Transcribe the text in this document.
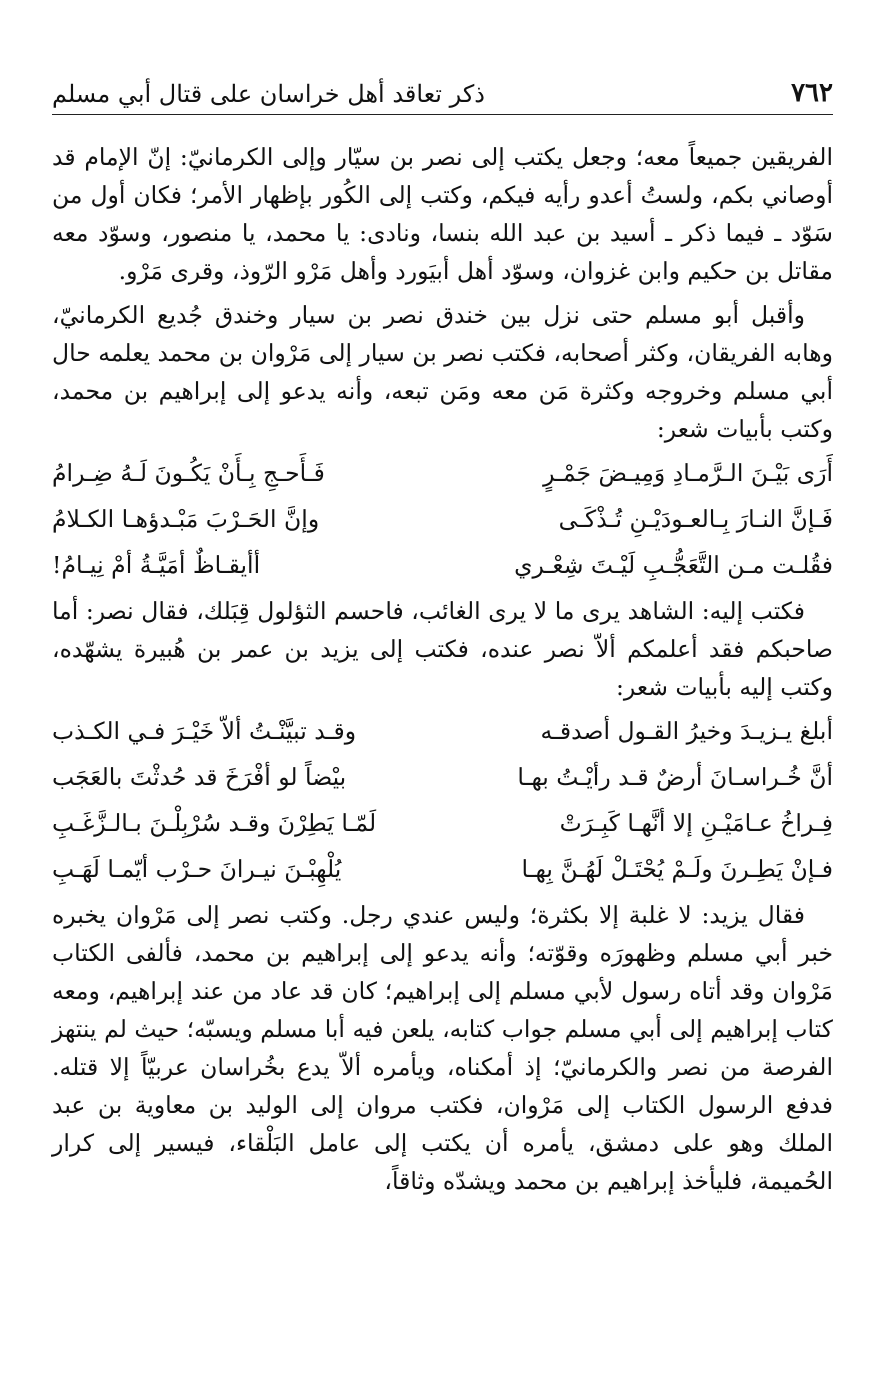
٧٦٢
ذكر تعاقد أهل خراسان على قتال أبي مسلم

الفريقين جميعاً معه؛ وجعل يكتب إلى نصر بن سيّار وإلى الكرمانيّ: إنّ الإمام قد أوصاني بكم، ولستُ أعدو رأيه فيكم، وكتب إلى الكُور بإظهار الأمر؛ فكان أول من سَوّد ـ فيما ذكر ـ أسيد بن عبد الله بنسا، ونادى: يا محمد، يا منصور، وسوّد معه مقاتل بن حكيم وابن غزوان، وسوّد أهل أبيَورد وأهل مَرْو الرّوذ، وقرى مَرْو.

وأقبل أبو مسلم حتى نزل بين خندق نصر بن سيار وخندق جُديع الكرمانيّ، وهابه الفريقان، وكثر أصحابه، فكتب نصر بن سيار إلى مَرْوان بن محمد يعلمه حال أبي مسلم وخروجه وكثرة مَن معه ومَن تبعه، وأنه يدعو إلى إبراهيم بن محمد، وكتب بأبيات شعر:

أَرَى بَيْـنَ الـرَّمـادِ وَمِيـضَ جَمْـرٍ
فَـأَحـجِ بِـأَنْ يَكُـونَ لَـهُ ضِـرامُ
فَـإنَّ النـارَ بِـالعـودَيْـنِ تُـذْكَـى
وإنَّ الحَـرْبَ مَبْـدؤهـا الكـلامُ
فقُلـت مـن التَّعَجُّـبِ لَيْـتَ شِعْـري
أأيقـاظٌ أمَيَّـةُ أمْ نِيـامُ!

فكتب إليه: الشاهد يرى ما لا يرى الغائب، فاحسم الثؤلول قِبَلك، فقال نصر: أما صاحبكم فقد أعلمكم ألاّ نصر عنده، فكتب إلى يزيد بن عمر بن هُبيرة يشهّده، وكتب إليه بأبيات شعر:

أبلغ يـزيـدَ وخيرُ القـول أصدقـه
وقـد تبيَّنْـتُ ألاّ خَيْـرَ فـي الكـذب
أنَّ خُـراسـانَ أرضٌ قـد رأيْـتُ بهـا
بيْضاً لو أفْرَخَ قد حُدثْتَ بالعَجَب
فِـراخُ عـامَيْـنِ إلا أنَّهـا كَبِـرَتْ
لَمّـا يَطِرْنَ وقـد سُرْبِلْـنَ بـالـزَّغَـبِ
فـإنْ يَطِـرنَ ولَـمْ يُحْتَـلْ لَهُـنَّ بِهـا
يُلْهِبْـنَ نيـرانَ حـرْب أيّمـا لَهَـبِ

فقال يزيد: لا غلبة إلا بكثرة؛ وليس عندي رجل. وكتب نصر إلى مَرْوان يخبره خبر أبي مسلم وظهورَه وقوّته؛ وأنه يدعو إلى إبراهيم بن محمد، فألفى الكتاب مَرْوان وقد أتاه رسول لأبي مسلم إلى إبراهيم؛ كان قد عاد من عند إبراهيم، ومعه كتاب إبراهيم إلى أبي مسلم جواب كتابه، يلعن فيه أبا مسلم ويسبّه؛ حيث لم ينتهز الفرصة من نصر والكرمانيّ؛ إذ أمكناه، ويأمره ألاّ يدع بخُراسان عربيّاً إلا قتله. فدفع الرسول الكتاب إلى مَرْوان، فكتب مروان إلى الوليد بن معاوية بن عبد الملك وهو على دمشق، يأمره أن يكتب إلى عامل البَلْقاء، فيسير إلى كرار الحُميمة، فليأخذ إبراهيم بن محمد ويشدّه وثاقاً،
